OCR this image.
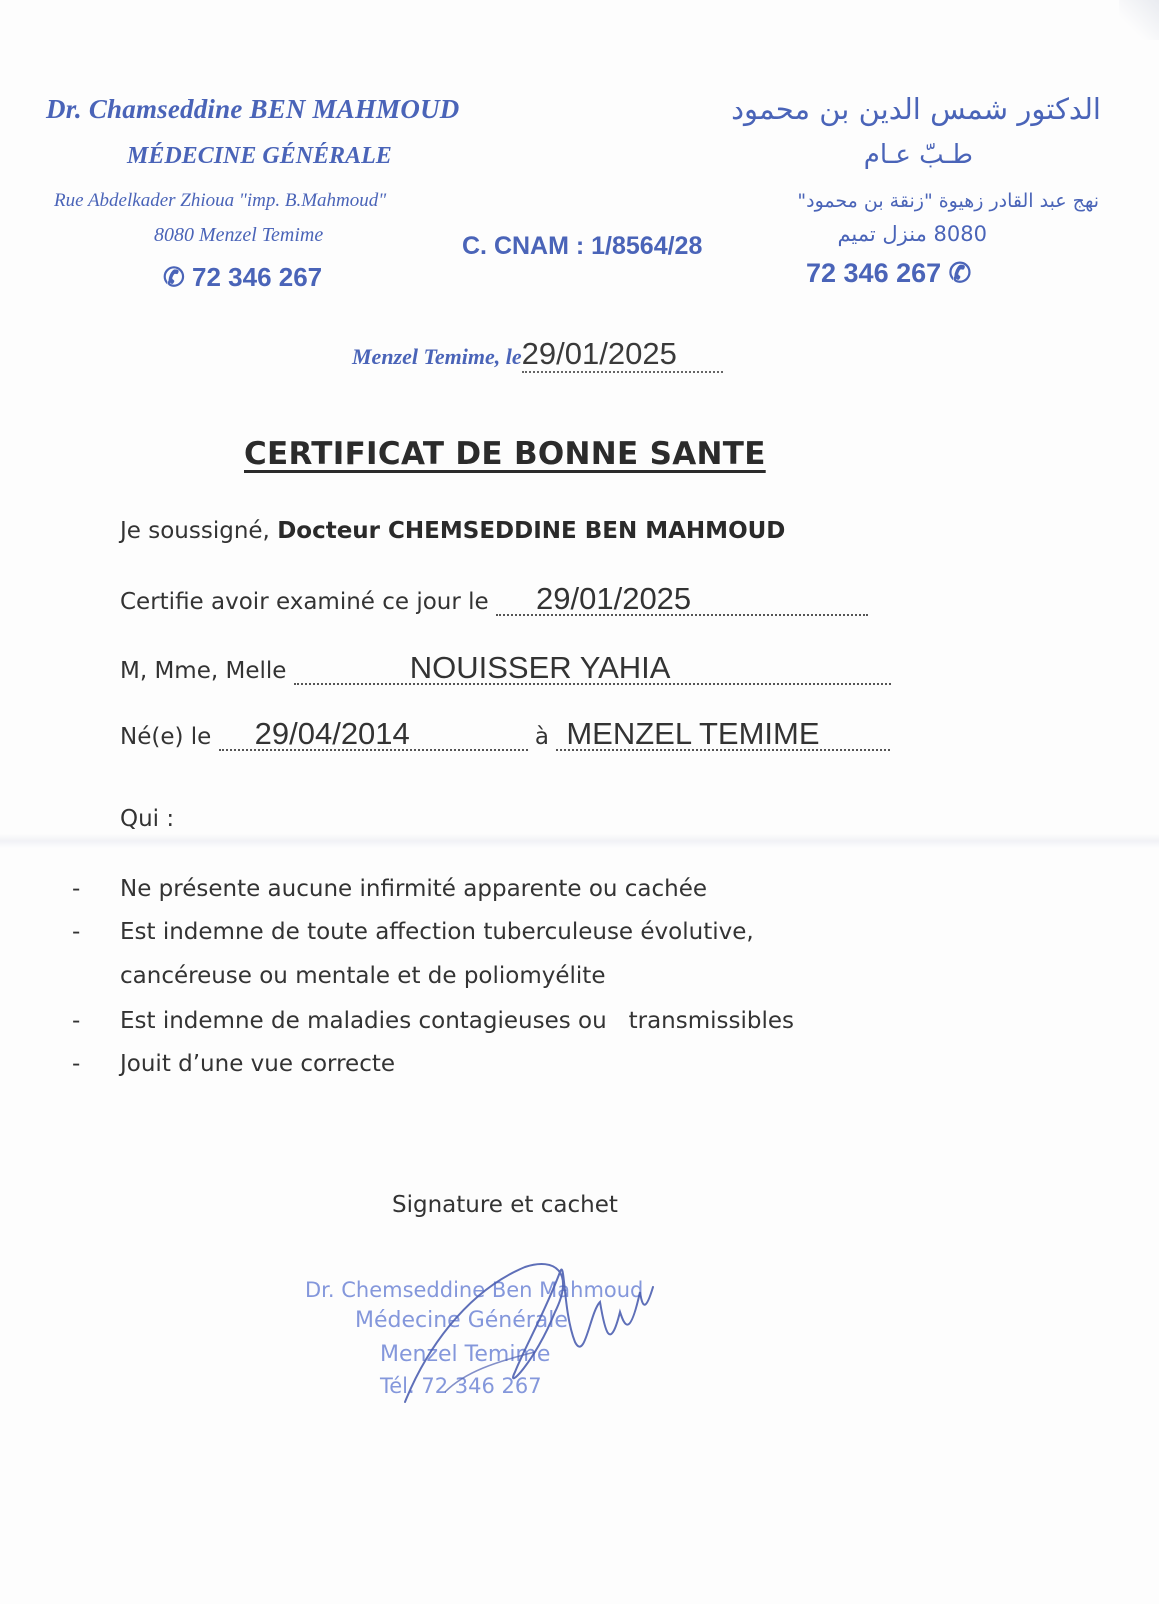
Dr. Chamseddine BEN MAHMOUD
MÉDECINE GÉNÉRALE
Rue Abdelkader Zhioua "imp. B.Mahmoud"
8080 Menzel Temime
✆ 72 346 267
C. CNAM : 1/8564/28
الدكتور شمس الدين بن محمود
طـبّ عـام
نهج عبد القادر زهيوة "زنقة بن محمود"
8080 منزل تميم
72 346 267 ✆
Menzel Temime, le29/01/2025
CERTIFICAT DE BONNE SANTE
Je soussigné, Docteur CHEMSEDDINE BEN MAHMOUD
Certifie avoir examiné ce jour le 29/01/2025
M, Mme, Melle	NOUISSER YAHIA
Né(e) le 29/04/2014	à MENZEL TEMIME
Qui :
- Ne présente aucune infirmité apparente ou cachée
- Est indemne de toute affection tuberculeuse évolutive,
cancéreuse ou mentale et de poliomyélite
- Est indemne de maladies contagieuses ou   transmissibles
- Jouit d’une vue correcte
Signature et cachet
Dr. Chemseddine Ben Mahmoud
Médecine Générale
Menzel Temime
Tél. 72 346 267
